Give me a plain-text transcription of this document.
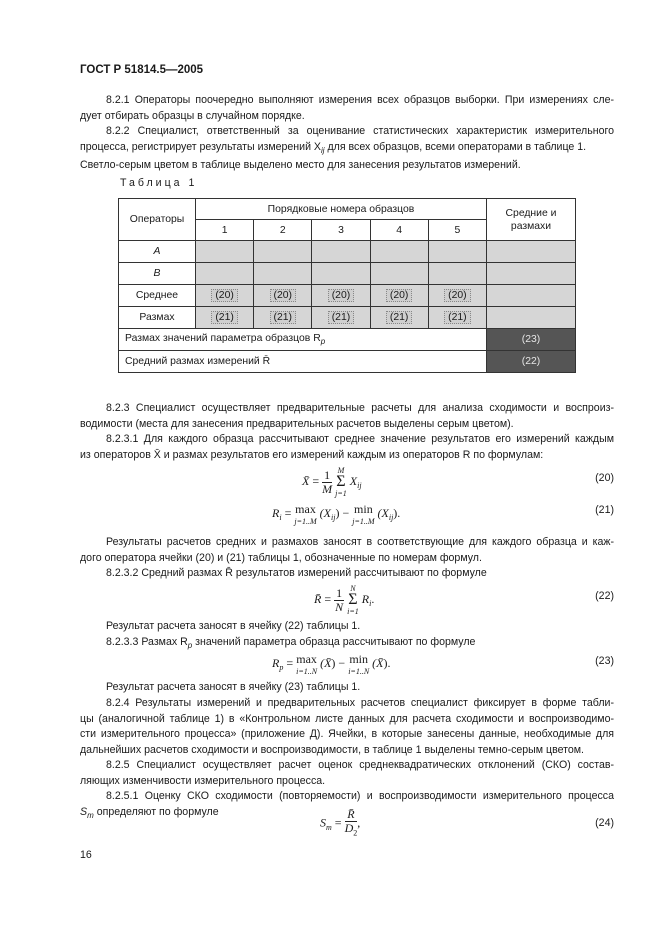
ГОСТ Р 51814.5—2005
8.2.1 Операторы поочередно выполняют измерения всех образцов выборки. При измерениях сле-
дует отбирать образцы в случайном порядке.
8.2.2 Специалист, ответственный за оценивание статистических характеристик измерительного
процесса, регистрирует результаты измерений $X_{ij}$ для всех образцов, всеми операторами в таблице 1.
Светло-серым цветом в таблице выделено место для занесения результатов измерений.
Таблица 1
Операторы	Порядковые номера образцов					Средние и размахи
	1	2	3	4	5	
A						
B						
Среднее	(20)	(20)	(20)	(20)	(20)	
Размах	(21)	(21)	(21)	(21)	(21)	
Размах значений параметра образцов $R_p$						(23)
Средний размах измерений R̄						(22)
8.2.3 Специалист осуществляет предварительные расчеты для анализа сходимости и воспроиз-
водимости (места для занесения предварительных расчетов выделены серым цветом).
8.2.3.1 Для каждого образца рассчитывают среднее значение результатов его измерений каждым
из операторов X̄ и размах результатов его измерений каждым из операторов R по формулам:
X̄ = $\frac{1}{M}$
M
Σ
j=1
$X_{ij}$
(20)
$R_i = \max$
j=1..M
$(X_{ij}) - \min$
j=1..M
$(X_{ij})$.	(21)
Результаты расчетов средних и размахов заносят в соответствующие для каждого образца и каж-
дого оператора ячейки (20) и (21) таблицы 1, обозначенные по номерам формул.
8.2.3.2 Средний размах R̄ результатов измерений рассчитывают по формуле
R̄ = $\frac{1}{N}$
N
Σ
i=1
$R_i$.	(22)
Результат расчета заносят в ячейку (22) таблицы 1.
8.2.3.3 Размах $R_p$ значений параметра образца рассчитывают по формуле
$R_p = \max$
i=1..N
(X̄) − min
i=1..N
(X̄).	(23)
Результат расчета заносят в ячейку (23) таблицы 1.
8.2.4 Результаты измерений и предварительных расчетов специалист фиксирует в форме табли-
цы (аналогичной таблице 1) в «Контрольном листе данных для расчета сходимости и воспроизводимо-
сти измерительного процесса» (приложение Д). Ячейки, в которые занесены данные, необходимые для
дальнейших расчетов сходимости и воспроизводимости, в таблице 1 выделены темно-серым цветом.
8.2.5 Специалист осуществляет расчет оценок среднеквадратических отклонений (СКО) состав-
ляющих изменчивости измерительного процесса.
8.2.5.1 Оценку СКО сходимости (повторяемости) и воспроизводимости измерительного процесса
$S_m$ определяют по формуле
$S_m = \frac{R̄}{D_2}$ ,	(24)
16
